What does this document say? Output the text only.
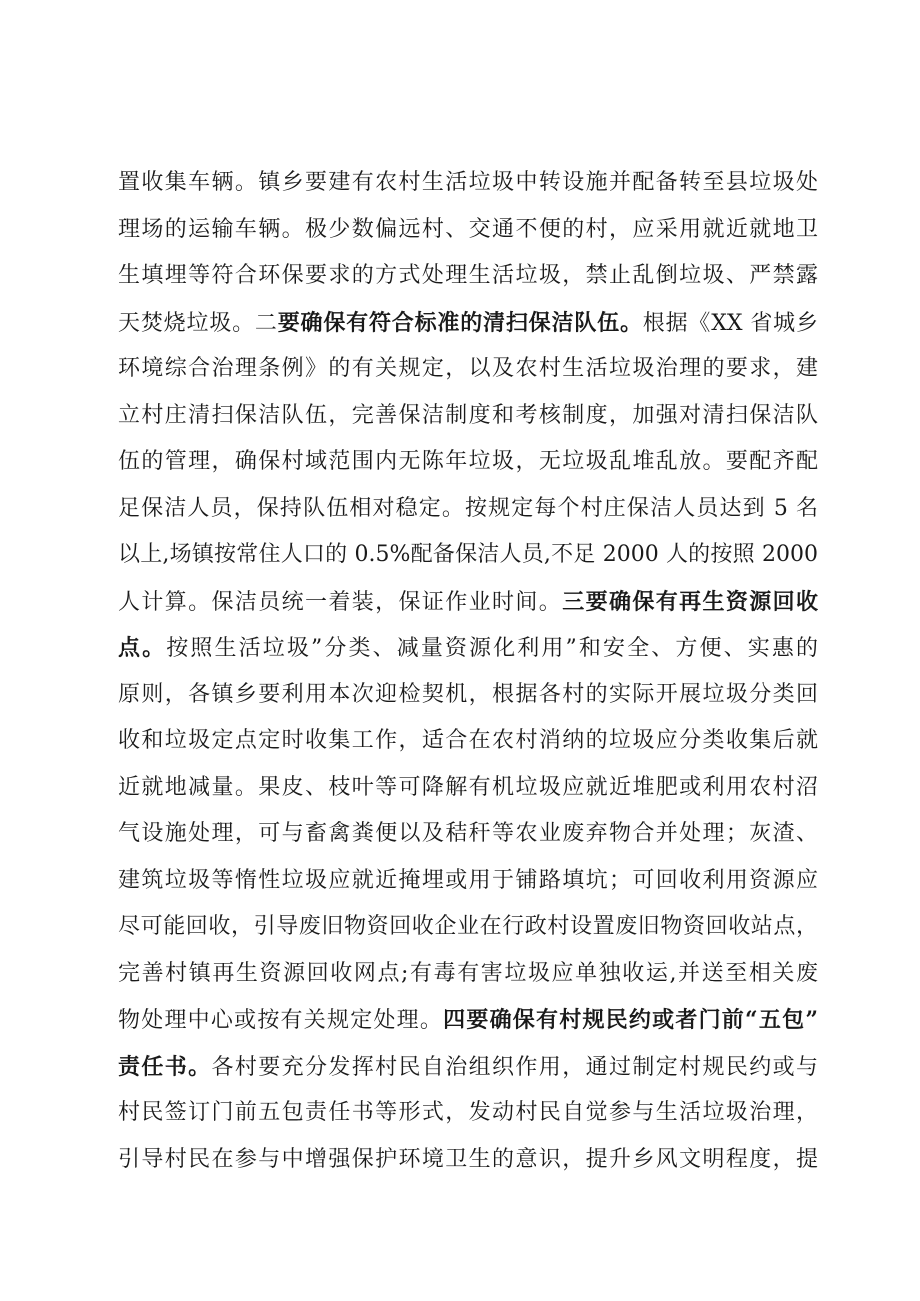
置收集车辆。镇乡要建有农村生活垃圾中转设施并配备转至县垃圾处
理场的运输车辆。极少数偏远村、交通不便的村，应采用就近就地卫
生填埋等符合环保要求的方式处理生活垃圾，禁止乱倒垃圾、严禁露
天焚烧垃圾。二要确保有符合标准的清扫保洁队伍。根据《XX 省城乡
环境综合治理条例》的有关规定，以及农村生活垃圾治理的要求，建
立村庄清扫保洁队伍，完善保洁制度和考核制度，加强对清扫保洁队
伍的管理，确保村域范围内无陈年垃圾，无垃圾乱堆乱放。要配齐配
足保洁人员，保持队伍相对稳定。按规定每个村庄保洁人员达到 5 名
以上,场镇按常住人口的 0.5%配备保洁人员,不足 2000 人的按照 2000
人计算。保洁员统一着装，保证作业时间。三要确保有再生资源回收
点。按照生活垃圾”分类、减量资源化利用”和安全、方便、实惠的
原则，各镇乡要利用本次迎检契机，根据各村的实际开展垃圾分类回
收和垃圾定点定时收集工作，适合在农村消纳的垃圾应分类收集后就
近就地减量。果皮、枝叶等可降解有机垃圾应就近堆肥或利用农村沼
气设施处理，可与畜禽粪便以及秸秆等农业废弃物合并处理；灰渣、
建筑垃圾等惰性垃圾应就近掩埋或用于铺路填坑；可回收利用资源应
尽可能回收，引导废旧物资回收企业在行政村设置废旧物资回收站点，
完善村镇再生资源回收网点;有毒有害垃圾应单独收运,并送至相关废
物处理中心或按有关规定处理。四要确保有村规民约或者门前“五包”
责任书。各村要充分发挥村民自治组织作用，通过制定村规民约或与
村民签订门前五包责任书等形式，发动村民自觉参与生活垃圾治理，
引导村民在参与中增强保护环境卫生的意识，提升乡风文明程度，提
